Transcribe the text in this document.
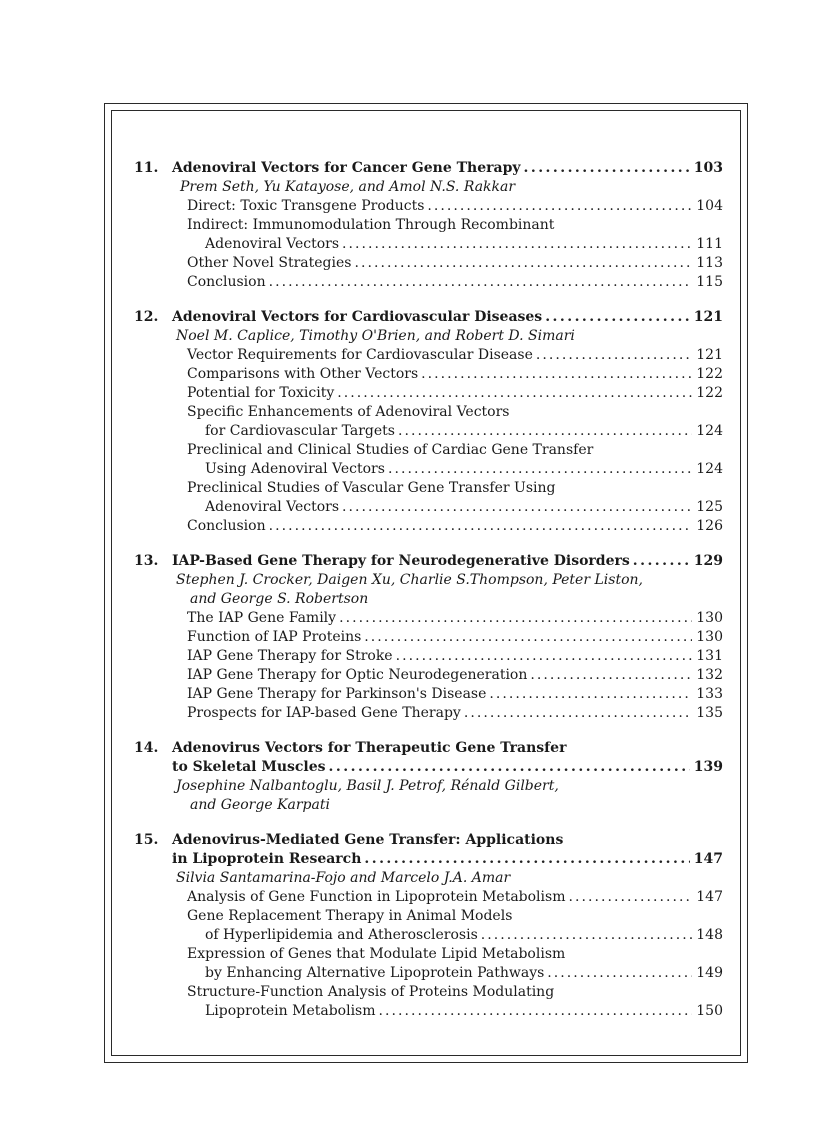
11. Adenoviral Vectors for Cancer Gene Therapy . . .	103
Prem Seth, Yu Katayose, and Amol N.S. Rakkar
Direct: Toxic Transgene Products . . .	104
Indirect: Immunomodulation Through Recombinant
Adenoviral Vectors . . .	111
Other Novel Strategies . . .	113
Conclusion . . .	115
12. Adenoviral Vectors for Cardiovascular Diseases . . .	121
Noel M. Caplice, Timothy O'Brien, and Robert D. Simari
Vector Requirements for Cardiovascular Disease . . .	121
Comparisons with Other Vectors . . .	122
Potential for Toxicity . . .	122
Specific Enhancements of Adenoviral Vectors
for Cardiovascular Targets . . .	124
Preclinical and Clinical Studies of Cardiac Gene Transfer
Using Adenoviral Vectors . . .	124
Preclinical Studies of Vascular Gene Transfer Using
Adenoviral Vectors . . .	125
Conclusion . . .	126
13. IAP-Based Gene Therapy for Neurodegenerative Disorders . . .	129
Stephen J. Crocker, Daigen Xu, Charlie S.Thompson, Peter Liston,
and George S. Robertson
The IAP Gene Family . . .	130
Function of IAP Proteins . . .	130
IAP Gene Therapy for Stroke . . .	131
IAP Gene Therapy for Optic Neurodegeneration . . .	132
IAP Gene Therapy for Parkinson's Disease . . .	133
Prospects for IAP-based Gene Therapy . . .	135
14. Adenovirus Vectors for Therapeutic Gene Transfer
to Skeletal Muscles . . .	139
Josephine Nalbantoglu, Basil J. Petrof, Rénald Gilbert,
and George Karpati
15. Adenovirus-Mediated Gene Transfer: Applications
in Lipoprotein Research . . .	147
Silvia Santamarina-Fojo and Marcelo J.A. Amar
Analysis of Gene Function in Lipoprotein Metabolism . . .	147
Gene Replacement Therapy in Animal Models
of Hyperlipidemia and Atherosclerosis . . .	148
Expression of Genes that Modulate Lipid Metabolism
by Enhancing Alternative Lipoprotein Pathways . . .	149
Structure-Function Analysis of Proteins Modulating
Lipoprotein Metabolism . . .	150
